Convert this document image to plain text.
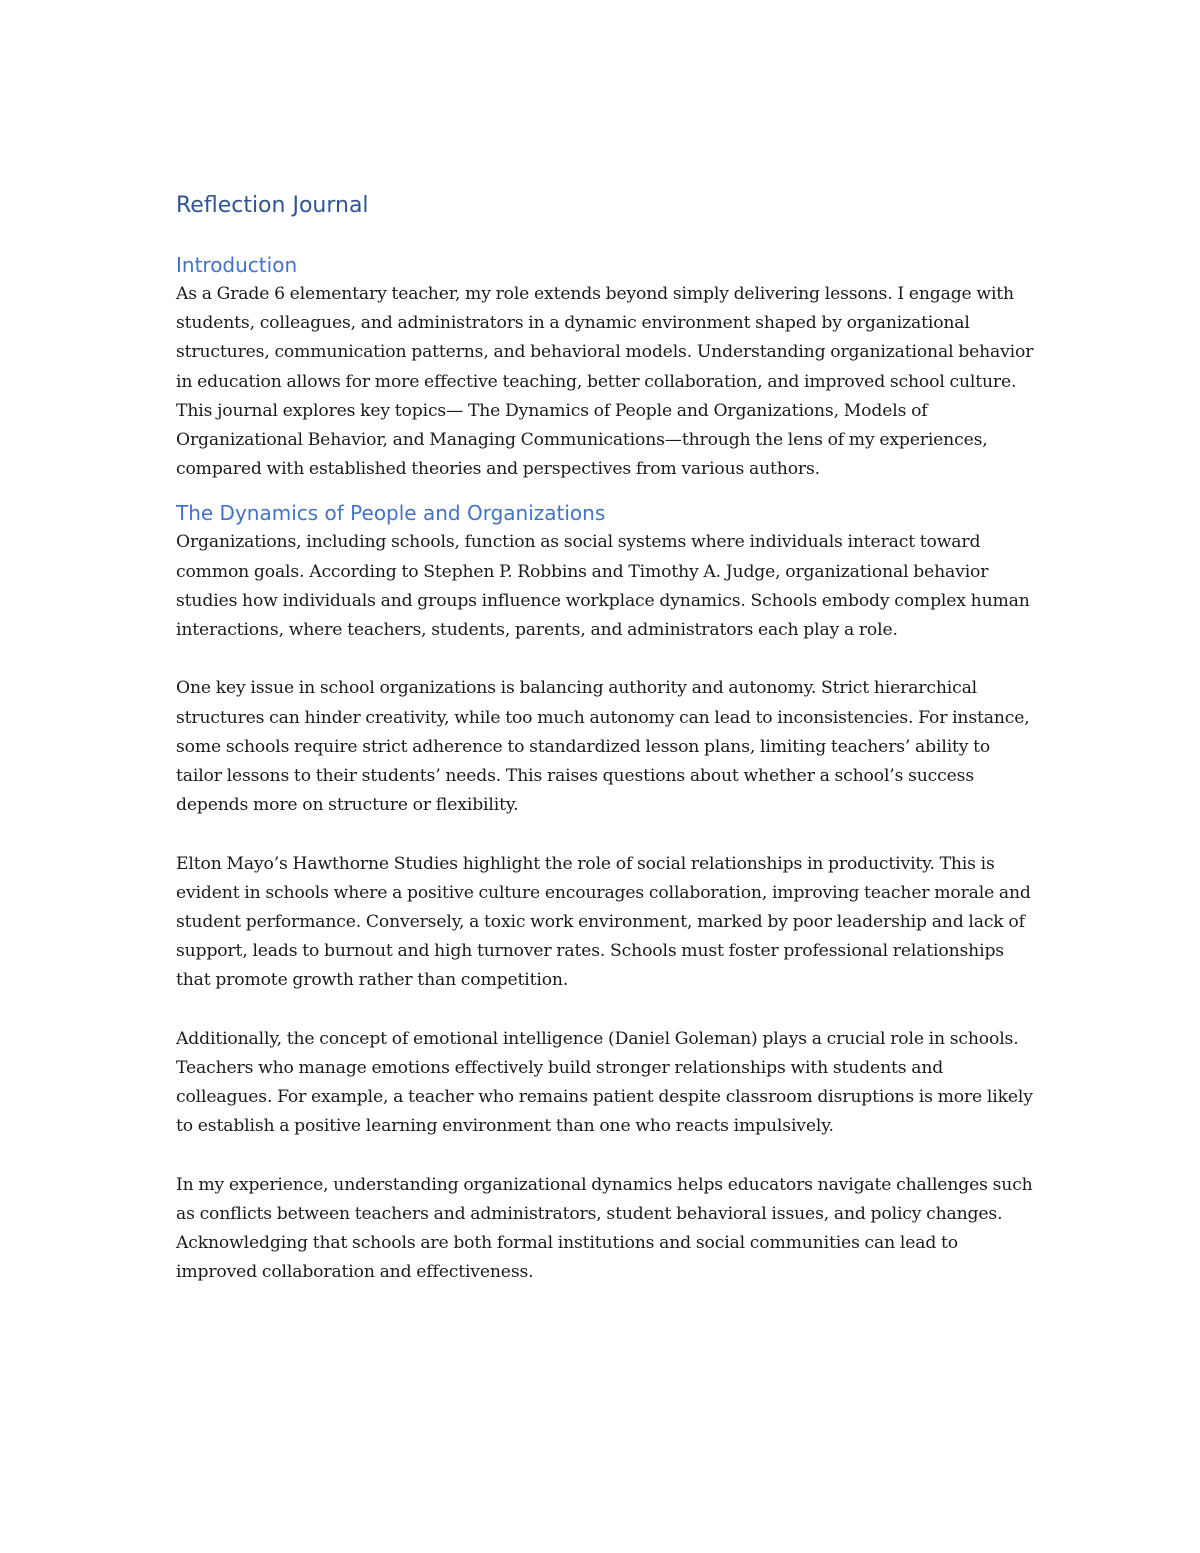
Reflection Journal
Introduction

As a Grade 6 elementary teacher, my role extends beyond simply delivering lessons. I engage with students, colleagues, and administrators in a dynamic environment shaped by organizational structures, communication patterns, and behavioral models. Understanding organizational behavior in education allows for more effective teaching, better collaboration, and improved school culture. This journal explores key topics— The Dynamics of People and Organizations, Models of Organizational Behavior, and Managing Communications—through the lens of my experiences, compared with established theories and perspectives from various authors.

The Dynamics of People and Organizations

Organizations, including schools, function as social systems where individuals interact toward common goals. According to Stephen P. Robbins and Timothy A. Judge, organizational behavior studies how individuals and groups influence workplace dynamics. Schools embody complex human interactions, where teachers, students, parents, and administrators each play a role.

One key issue in school organizations is balancing authority and autonomy. Strict hierarchical structures can hinder creativity, while too much autonomy can lead to inconsistencies. For instance, some schools require strict adherence to standardized lesson plans, limiting teachers’ ability to tailor lessons to their students’ needs. This raises questions about whether a school’s success depends more on structure or flexibility.

Elton Mayo’s Hawthorne Studies highlight the role of social relationships in productivity. This is evident in schools where a positive culture encourages collaboration, improving teacher morale and student performance. Conversely, a toxic work environment, marked by poor leadership and lack of support, leads to burnout and high turnover rates. Schools must foster professional relationships that promote growth rather than competition.

Additionally, the concept of emotional intelligence (Daniel Goleman) plays a crucial role in schools. Teachers who manage emotions effectively build stronger relationships with students and colleagues. For example, a teacher who remains patient despite classroom disruptions is more likely to establish a positive learning environment than one who reacts impulsively.

In my experience, understanding organizational dynamics helps educators navigate challenges such as conflicts between teachers and administrators, student behavioral issues, and policy changes. Acknowledging that schools are both formal institutions and social communities can lead to improved collaboration and effectiveness.
